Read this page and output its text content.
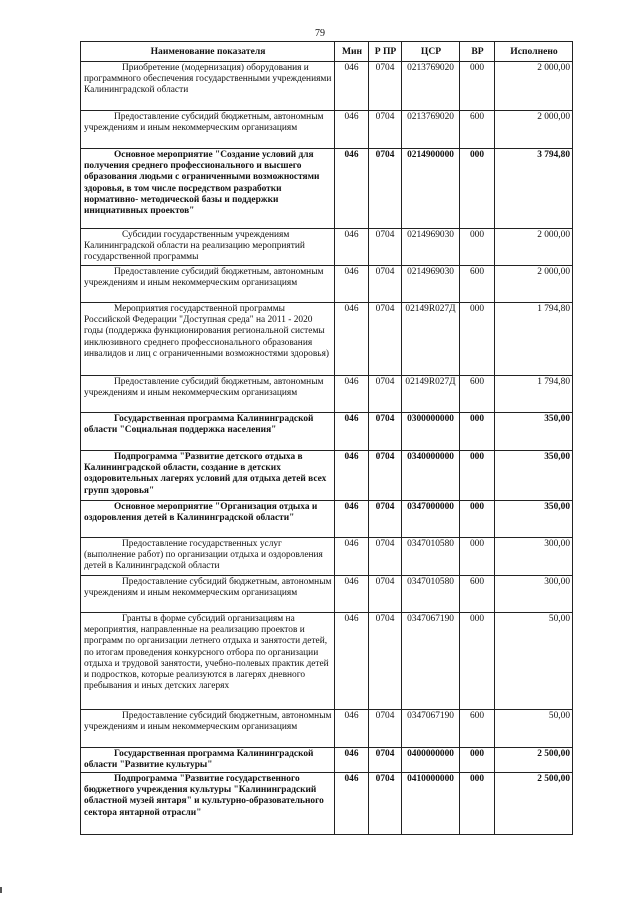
79
Наименование показателя	Мин	Р ПР	ЦСР	ВР	Исполнено
Приобретение (модернизация) оборудования и программного обеспечения государственными учреждениями Калининградской области	046	0704	0213769020	000	2 000,00
Предоставление субсидий бюджетным, автономным учреждениям и иным некоммерческим организациям	046	0704	0213769020	600	2 000,00
Основное мероприятие "Создание условий для получения среднего профессионального и высшего образования людьми с ограниченными возможностями здоровья, в том числе посредством разработки нормативно- методической базы и поддержки инициативных проектов"	046	0704	0214900000	000	3 794,80
Субсидии государственным учреждениям Калининградской области на реализацию мероприятий государственной программы	046	0704	0214969030	000	2 000,00
Предоставление субсидий бюджетным, автономным учреждениям и иным некоммерческим организациям	046	0704	0214969030	600	2 000,00
Мероприятия государственной программы Российской Федерации "Доступная среда" на 2011 - 2020 годы (поддержка функционирования региональной системы инклюзивного среднего профессионального образования инвалидов и лиц с ограниченными возможностями здоровья)	046	0704	02149R027Д	000	1 794,80
Предоставление субсидий бюджетным, автономным учреждениям и иным некоммерческим организациям	046	0704	02149R027Д	600	1 794,80
Государственная программа Калининградской области "Социальная поддержка населения"	046	0704	0300000000	000	350,00
Подпрограмма "Развитие детского отдыха в Калининградской области, создание в детских оздоровительных лагерях условий для отдыха детей всех групп здоровья"	046	0704	0340000000	000	350,00
Основное мероприятие "Организация отдыха и оздоровления детей в Калининградской области"	046	0704	0347000000	000	350,00
Предоставление государственных услуг (выполнение работ) по организации отдыха и оздоровления детей в Калининградской области	046	0704	0347010580	000	300,00
Предоставление субсидий бюджетным, автономным учреждениям и иным некоммерческим организациям	046	0704	0347010580	600	300,00
Гранты в форме субсидий организациям на мероприятия, направленные на реализацию проектов и программ по организации летнего отдыха и занятости детей, по итогам проведения конкурсного отбора по организации отдыха и трудовой занятости, учебно-полевых практик детей и подростков, которые реализуются в лагерях дневного пребывания и иных детских лагерях	046	0704	0347067190	000	50,00
Предоставление субсидий бюджетным, автономным учреждениям и иным некоммерческим организациям	046	0704	0347067190	600	50,00
Государственная программа Калининградской области "Развитие культуры"	046	0704	0400000000	000	2 500,00
Подпрограмма "Развитие государственного бюджетного учреждения культуры "Калининградский областной музей янтаря" и культурно-образовательного сектора янтарной отрасли"	046	0704	0410000000	000	2 500,00
